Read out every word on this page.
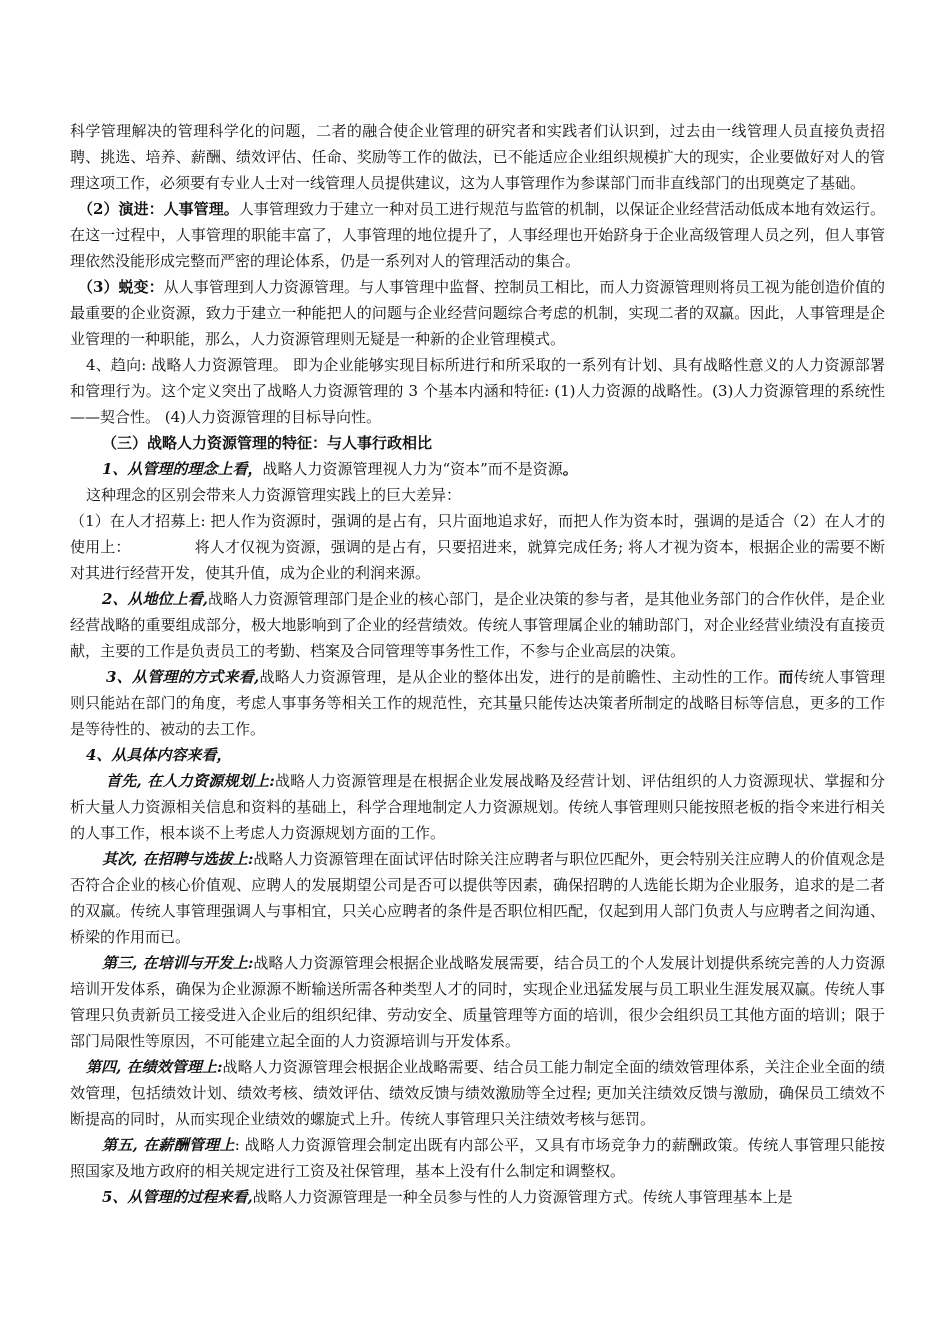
科学管理解决的管理科学化的问题，二者的融合使企业管理的研究者和实践者们认识到，过去由一线管理人员直接负责招聘、挑选、培养、薪酬、绩效评估、任命、奖励等工作的做法，已不能适应企业组织规模扩大的现实，企业要做好对人的管理这项工作，必须要有专业人士对一线管理人员提供建议，这为人事管理作为参谋部门而非直线部门的出现奠定了基础。

（2）演进：人事管理。人事管理致力于建立一种对员工进行规范与监管的机制，以保证企业经营活动低成本地有效运行。在这一过程中，人事管理的职能丰富了，人事管理的地位提升了，人事经理也开始跻身于企业高级管理人员之列，但人事管理依然没能形成完整而严密的理论体系，仍是一系列对人的管理活动的集合。

（3）蜕变：从人事管理到人力资源管理。与人事管理中监督、控制员工相比，而人力资源管理则将员工视为能创造价值的最重要的企业资源，致力于建立一种能把人的问题与企业经营问题综合考虑的机制，实现二者的双赢。因此，人事管理是企业管理的一种职能，那么，人力资源管理则无疑是一种新的企业管理模式。

4、趋向: 战略人力资源管理。 即为企业能够实现目标所进行和所采取的一系列有计划、具有战略性意义的人力资源部署和管理行为。这个定义突出了战略人力资源管理的 3 个基本内涵和特征: (1)人力资源的战略性。(3)人力资源管理的系统性——契合性。 (4)人力资源管理的目标导向性。

（三）战略人力资源管理的特征：与人事行政相比

1、从管理的理念上看，战略人力资源管理视人力为“资本”而不是资源。

这种理念的区别会带来人力资源管理实践上的巨大差异：

（1）在人才招募上: 把人作为资源时，强调的是占有，只片面地追求好，而把人作为资本时，强调的是适合（2）在人才的使用上：	将人才仅视为资源，强调的是占有，只要招进来，就算完成任务; 将人才视为资本，根据企业的需要不断对其进行经营开发，使其升值，成为企业的利润来源。

2、从地位上看,战略人力资源管理部门是企业的核心部门，是企业决策的参与者，是其他业务部门的合作伙伴，是企业经营战略的重要组成部分，极大地影响到了企业的经营绩效。传统人事管理属企业的辅助部门，对企业经营业绩没有直接贡献，主要的工作是负责员工的考勤、档案及合同管理等事务性工作，不参与企业高层的决策。

3、从管理的方式来看,战略人力资源管理，是从企业的整体出发，进行的是前瞻性、主动性的工作。而传统人事管理则只能站在部门的角度，考虑人事事务等相关工作的规范性，充其量只能传达决策者所制定的战略目标等信息，更多的工作是等待性的、被动的去工作。

4、从具体内容来看，

首先, 在人力资源规划上:战略人力资源管理是在根据企业发展战略及经营计划、评估组织的人力资源现状、掌握和分析大量人力资源相关信息和资料的基础上，科学合理地制定人力资源规划。传统人事管理则只能按照老板的指令来进行相关的人事工作，根本谈不上考虑人力资源规划方面的工作。

其次, 在招聘与选拔上:战略人力资源管理在面试评估时除关注应聘者与职位匹配外，更会特别关注应聘人的价值观念是否符合企业的核心价值观、应聘人的发展期望公司是否可以提供等因素，确保招聘的人选能长期为企业服务，追求的是二者的双赢。传统人事管理强调人与事相宜，只关心应聘者的条件是否职位相匹配，仅起到用人部门负责人与应聘者之间沟通、桥梁的作用而已。

第三, 在培训与开发上:战略人力资源管理会根据企业战略发展需要，结合员工的个人发展计划提供系统完善的人力资源培训开发体系，确保为企业源源不断输送所需各种类型人才的同时，实现企业迅猛发展与员工职业生涯发展双赢。传统人事管理只负责新员工接受进入企业后的组织纪律、劳动安全、质量管理等方面的培训，很少会组织员工其他方面的培训；限于部门局限性等原因，不可能建立起全面的人力资源培训与开发体系。

第四, 在绩效管理上:战略人力资源管理会根据企业战略需要、结合员工能力制定全面的绩效管理体系，关注企业全面的绩效管理，包括绩效计划、绩效考核、绩效评估、绩效反馈与绩效激励等全过程; 更加关注绩效反馈与激励，确保员工绩效不断提高的同时，从而实现企业绩效的螺旋式上升。传统人事管理只关注绩效考核与惩罚。

第五, 在薪酬管理上: 战略人力资源管理会制定出既有内部公平，又具有市场竞争力的薪酬政策。传统人事管理只能按照国家及地方政府的相关规定进行工资及社保管理，基本上没有什么制定和调整权。

5、从管理的过程来看,战略人力资源管理是一种全员参与性的人力资源管理方式。传统人事管理基本上是
